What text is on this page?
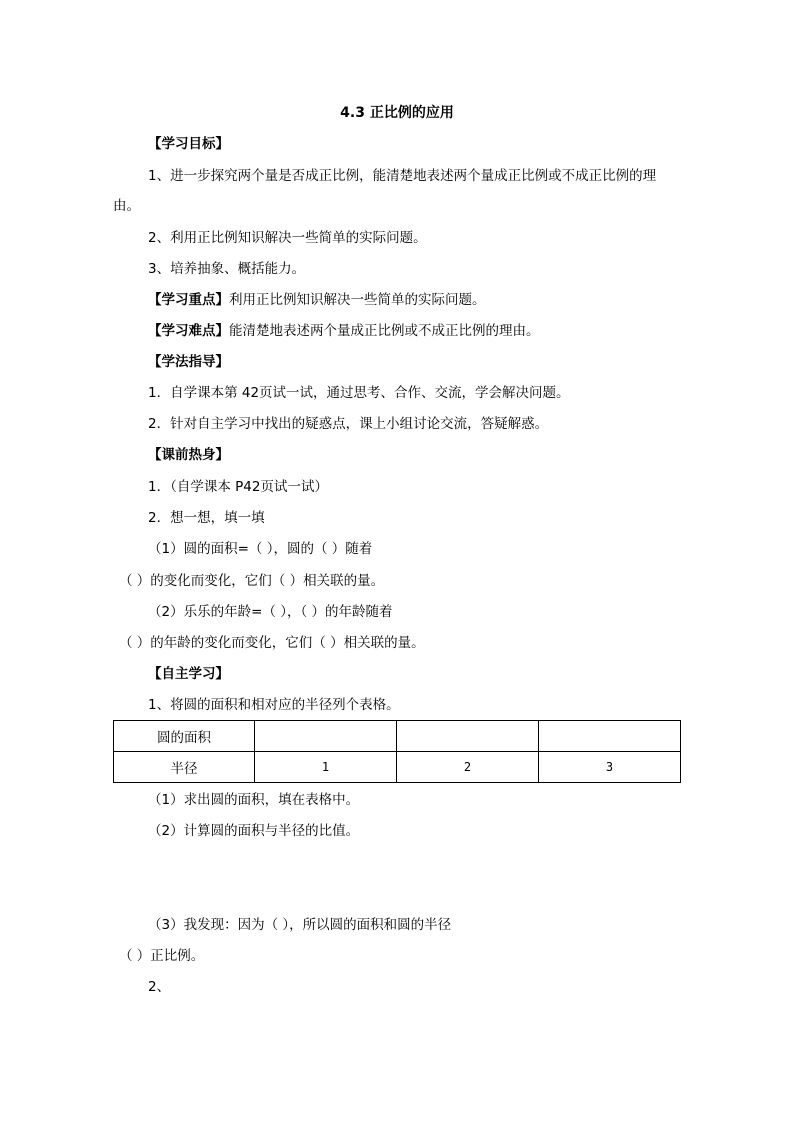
4.3 正比例的应用
【学习目标】
1、进一步探究两个量是否成正比例，能清楚地表述两个量成正比例或不成正比例的理
由。
2、利用正比例知识解决一些简单的实际问题。
3、培养抽象、概括能力。
【学习重点】利用正比例知识解决一些简单的实际问题。
【学习难点】能清楚地表述两个量成正比例或不成正比例的理由。
【学法指导】
1．自学课本第 42页试一试，通过思考、合作、交流，学会解决问题。
2．针对自主学习中找出的疑惑点，课上小组讨论交流，答疑解惑。
【课前热身】
1．（自学课本 P42页试一试）
2．想一想，填一填
（1）圆的面积=（ ），圆的（ ）随着
（ ）的变化而变化，它们（ ）相关联的量。
（2）乐乐的年龄=（ ），（ ）的年龄随着
（ ）的年龄的变化而变化，它们（ ）相关联的量。
【自主学习】
1、将圆的面积和相对应的半径列个表格。
圆的面积			
半径	1	2	3
（1）求出圆的面积，填在表格中。
（2）计算圆的面积与半径的比值。
（3）我发现：因为（ ），所以圆的面积和圆的半径
（ ）正比例。
2、
